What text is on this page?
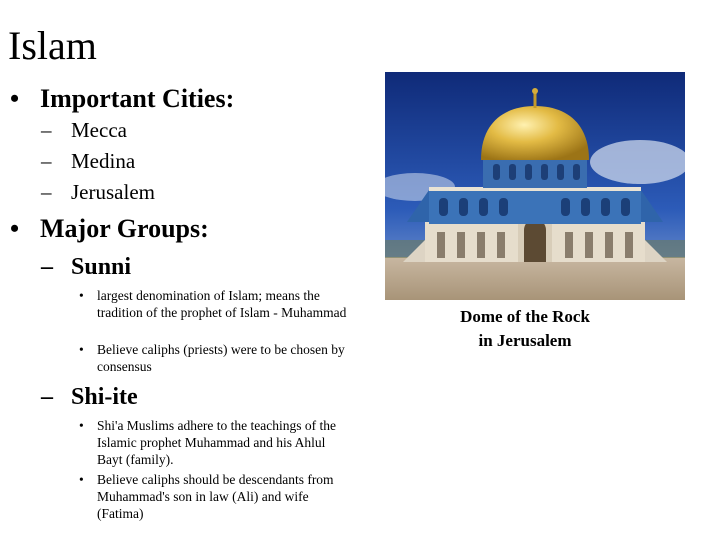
Islam
• Important Cities:
– Mecca
– Medina
– Jerusalem
• Major Groups:
– Sunni
• largest denomination of Islam; means the tradition of the prophet of Islam - Muhammad
• Believe caliphs (priests) were to be chosen by consensus
– Shi-ite
• Shi'a Muslims adhere to the teachings of the Islamic prophet Muhammad and his Ahlul Bayt (family).
• Believe caliphs should be descendants from Muhammad's son in law (Ali) and wife (Fatima)
Dome of the Rock
in Jerusalem
